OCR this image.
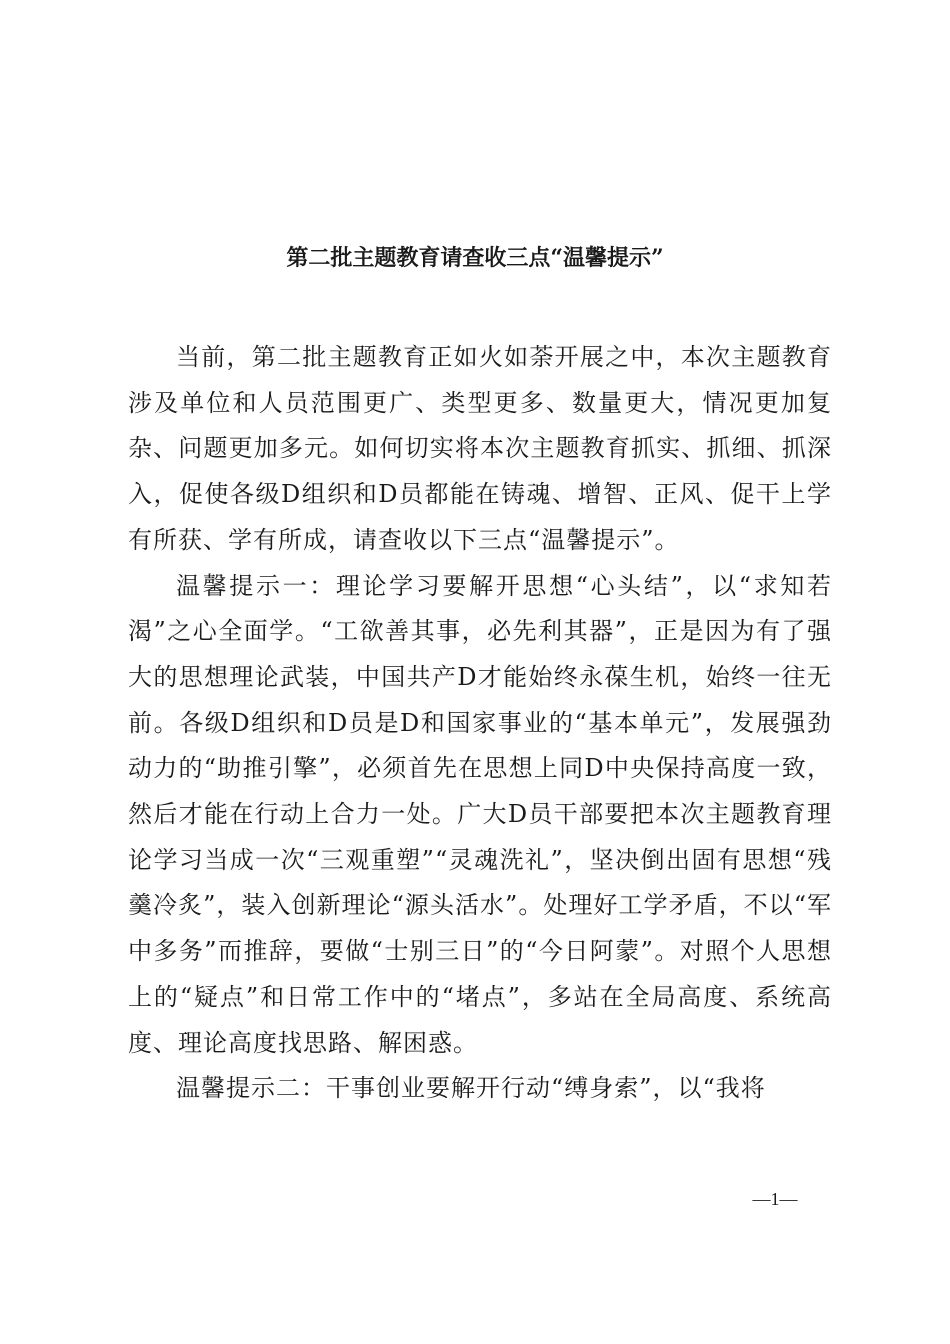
第二批主题教育请查收三点“温馨提示”

当前，第二批主题教育正如火如荼开展之中，本次主题教育涉及单位和人员范围更广、类型更多、数量更大，情况更加复杂、问题更加多元。如何切实将本次主题教育抓实、抓细、抓深入，促使各级D组织和D员都能在铸魂、增智、正风、促干上学有所获、学有所成，请查收以下三点“温馨提示”。

温馨提示一：理论学习要解开思想“心头结”，以“求知若渴”之心全面学。“工欲善其事，必先利其器”，正是因为有了强大的思想理论武装，中国共产D才能始终永葆生机，始终一往无前。各级D组织和D员是D和国家事业的“基本单元”，发展强劲动力的“助推引擎”，必须首先在思想上同D中央保持高度一致，然后才能在行动上合力一处。广大D员干部要把本次主题教育理论学习当成一次“三观重塑”“灵魂洗礼”，坚决倒出固有思想“残羹冷炙”，装入创新理论“源头活水”。处理好工学矛盾，不以“军中多务”而推辞，要做“士别三日”的“今日阿蒙”。对照个人思想上的“疑点”和日常工作中的“堵点”，多站在全局高度、系统高度、理论高度找思路、解困惑。

温馨提示二：干事创业要解开行动“缚身索”，以“我将

—1—
